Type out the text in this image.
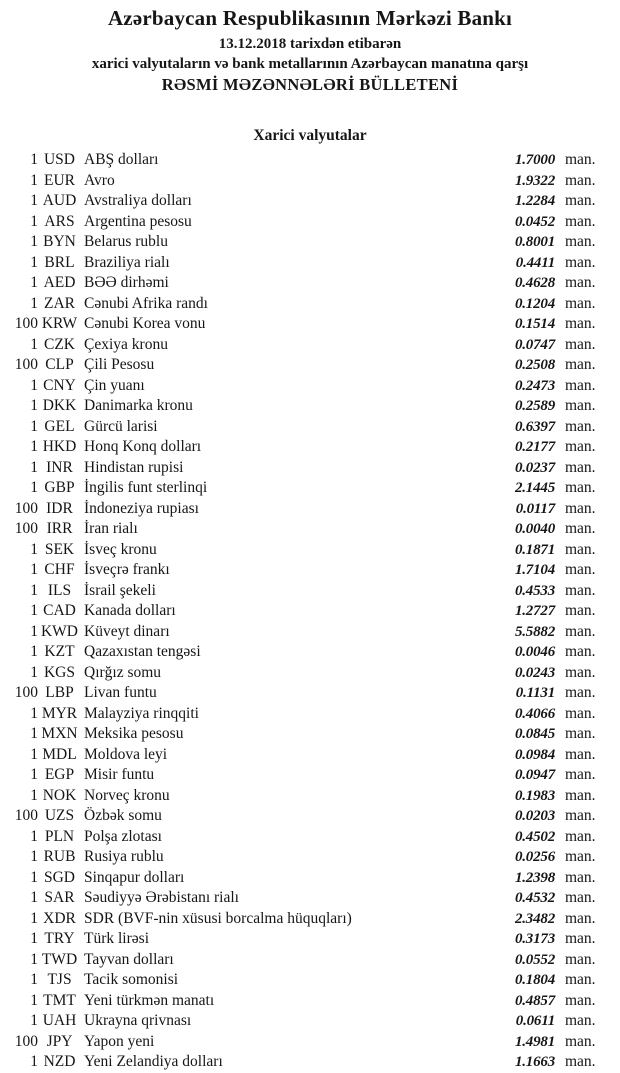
Azərbaycan Respublikasının Mərkəzi Bankı

13.12.2018 tarixdən etibarən

xarici valyutaların və bank metallarının Azərbaycan manatına qarşı

RƏSMİ MƏZƏNNƏLƏRİ BÜLLETENİ

Xarici valyutalar
1 USD ABŞ dolları	1.7000 man.
1 EUR Avro	1.9322 man.
1 AUD Avstraliya dolları	1.2284 man.
1 ARS Argentina pesosu	0.0452 man.
1 BYN Belarus rublu	0.8001 man.
1 BRL Braziliya rialı	0.4411 man.
1 AED BƏƏ dirhəmi	0.4628 man.
1 ZAR Cənubi Afrika randı	0.1204 man.
100 KRW Cənubi Korea vonu	0.1514 man.
1 CZK Çexiya kronu	0.0747 man.
100 CLP Çili Pesosu	0.2508 man.
1 CNY Çin yuanı	0.2473 man.
1 DKK Danimarka kronu	0.2589 man.
1 GEL Gürcü larisi	0.6397 man.
1 HKD Honq Konq dolları	0.2177 man.
1 INR Hindistan rupisi	0.0237 man.
1 GBP İngilis funt sterlinqi	2.1445 man.
100 IDR İndoneziya rupiası	0.0117 man.
100 IRR İran rialı	0.0040 man.
1 SEK İsveç kronu	0.1871 man.
1 CHF İsveçrə frankı	1.7104 man.
1 ILS İsrail şekeli	0.4533 man.
1 CAD Kanada dolları	1.2727 man.
1 KWD Küveyt dinarı	5.5882 man.
1 KZT Qazaxıstan tengəsi	0.0046 man.
1 KGS Qırğız somu	0.0243 man.
100 LBP Livan funtu	0.1131 man.
1 MYR Malayziya rinqqiti	0.4066 man.
1 MXN Meksika pesosu	0.0845 man.
1 MDL Moldova leyi	0.0984 man.
1 EGP Misir funtu	0.0947 man.
1 NOK Norveç kronu	0.1983 man.
100 UZS Özbək somu	0.0203 man.
1 PLN Polşa zlotası	0.4502 man.
1 RUB Rusiya rublu	0.0256 man.
1 SGD Sinqapur dolları	1.2398 man.
1 SAR Səudiyyə Ərəbistanı rialı	0.4532 man.
1 XDR SDR (BVF-nin xüsusi borcalma hüquqları)	2.3482 man.
1 TRY Türk lirəsi	0.3173 man.
1 TWD Tayvan dolları	0.0552 man.
1 TJS Tacik somonisi	0.1804 man.
1 TMT Yeni türkmən manatı	0.4857 man.
1 UAH Ukrayna qrivnası	0.0611 man.
100 JPY Yapon yeni	1.4981 man.
1 NZD Yeni Zelandiya dolları	1.1663 man.
